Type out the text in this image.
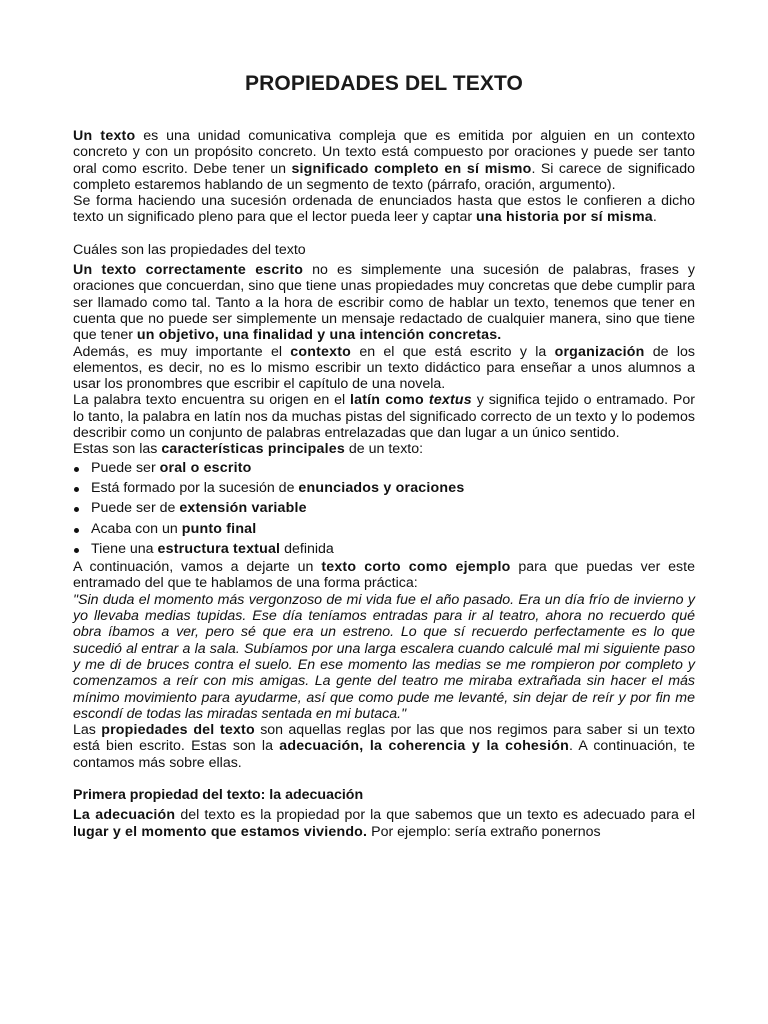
PROPIEDADES DEL TEXTO

Un texto es una unidad comunicativa compleja que es emitida por alguien en un contexto concreto y con un propósito concreto. Un texto está compuesto por oraciones y puede ser tanto oral como escrito. Debe tener un significado completo en sí mismo. Si carece de significado completo estaremos hablando de un segmento de texto (párrafo, oración, argumento).

Se forma haciendo una sucesión ordenada de enunciados hasta que estos le confieren a dicho texto un significado pleno para que el lector pueda leer y captar una historia por sí misma.

Cuáles son las propiedades del texto

Un texto correctamente escrito no es simplemente una sucesión de palabras, frases y oraciones que concuerdan, sino que tiene unas propiedades muy concretas que debe cumplir para ser llamado como tal. Tanto a la hora de escribir como de hablar un texto, tenemos que tener en cuenta que no puede ser simplemente un mensaje redactado de cualquier manera, sino que tiene que tener un objetivo, una finalidad y una intención concretas.

Además, es muy importante el contexto en el que está escrito y la organización de los elementos, es decir, no es lo mismo escribir un texto didáctico para enseñar a unos alumnos a usar los pronombres que escribir el capítulo de una novela.

La palabra texto encuentra su origen en el latín como textus y significa tejido o entramado. Por lo tanto, la palabra en latín nos da muchas pistas del significado correcto de un texto y lo podemos describir como un conjunto de palabras entrelazadas que dan lugar a un único sentido.

Estas son las características principales de un texto:

Puede ser oral o escrito
Está formado por la sucesión de enunciados y oraciones
Puede ser de extensión variable
Acaba con un punto final
Tiene una estructura textual definida

A continuación, vamos a dejarte un texto corto como ejemplo para que puedas ver este entramado del que te hablamos de una forma práctica:

"Sin duda el momento más vergonzoso de mi vida fue el año pasado. Era un día frío de invierno y yo llevaba medias tupidas. Ese día teníamos entradas para ir al teatro, ahora no recuerdo qué obra íbamos a ver, pero sé que era un estreno. Lo que sí recuerdo perfectamente es lo que sucedió al entrar a la sala. Subíamos por una larga escalera cuando calculé mal mi siguiente paso y me di de bruces contra el suelo. En ese momento las medias se me rompieron por completo y comenzamos a reír con mis amigas. La gente del teatro me miraba extrañada sin hacer el más mínimo movimiento para ayudarme, así que como pude me levanté, sin dejar de reír y por fin me escondí de todas las miradas sentada en mi butaca."

Las propiedades del texto son aquellas reglas por las que nos regimos para saber si un texto está bien escrito. Estas son la adecuación, la coherencia y la cohesión. A continuación, te contamos más sobre ellas.

Primera propiedad del texto: la adecuación

La adecuación del texto es la propiedad por la que sabemos que un texto es adecuado para el lugar y el momento que estamos viviendo. Por ejemplo: sería extraño ponernos
